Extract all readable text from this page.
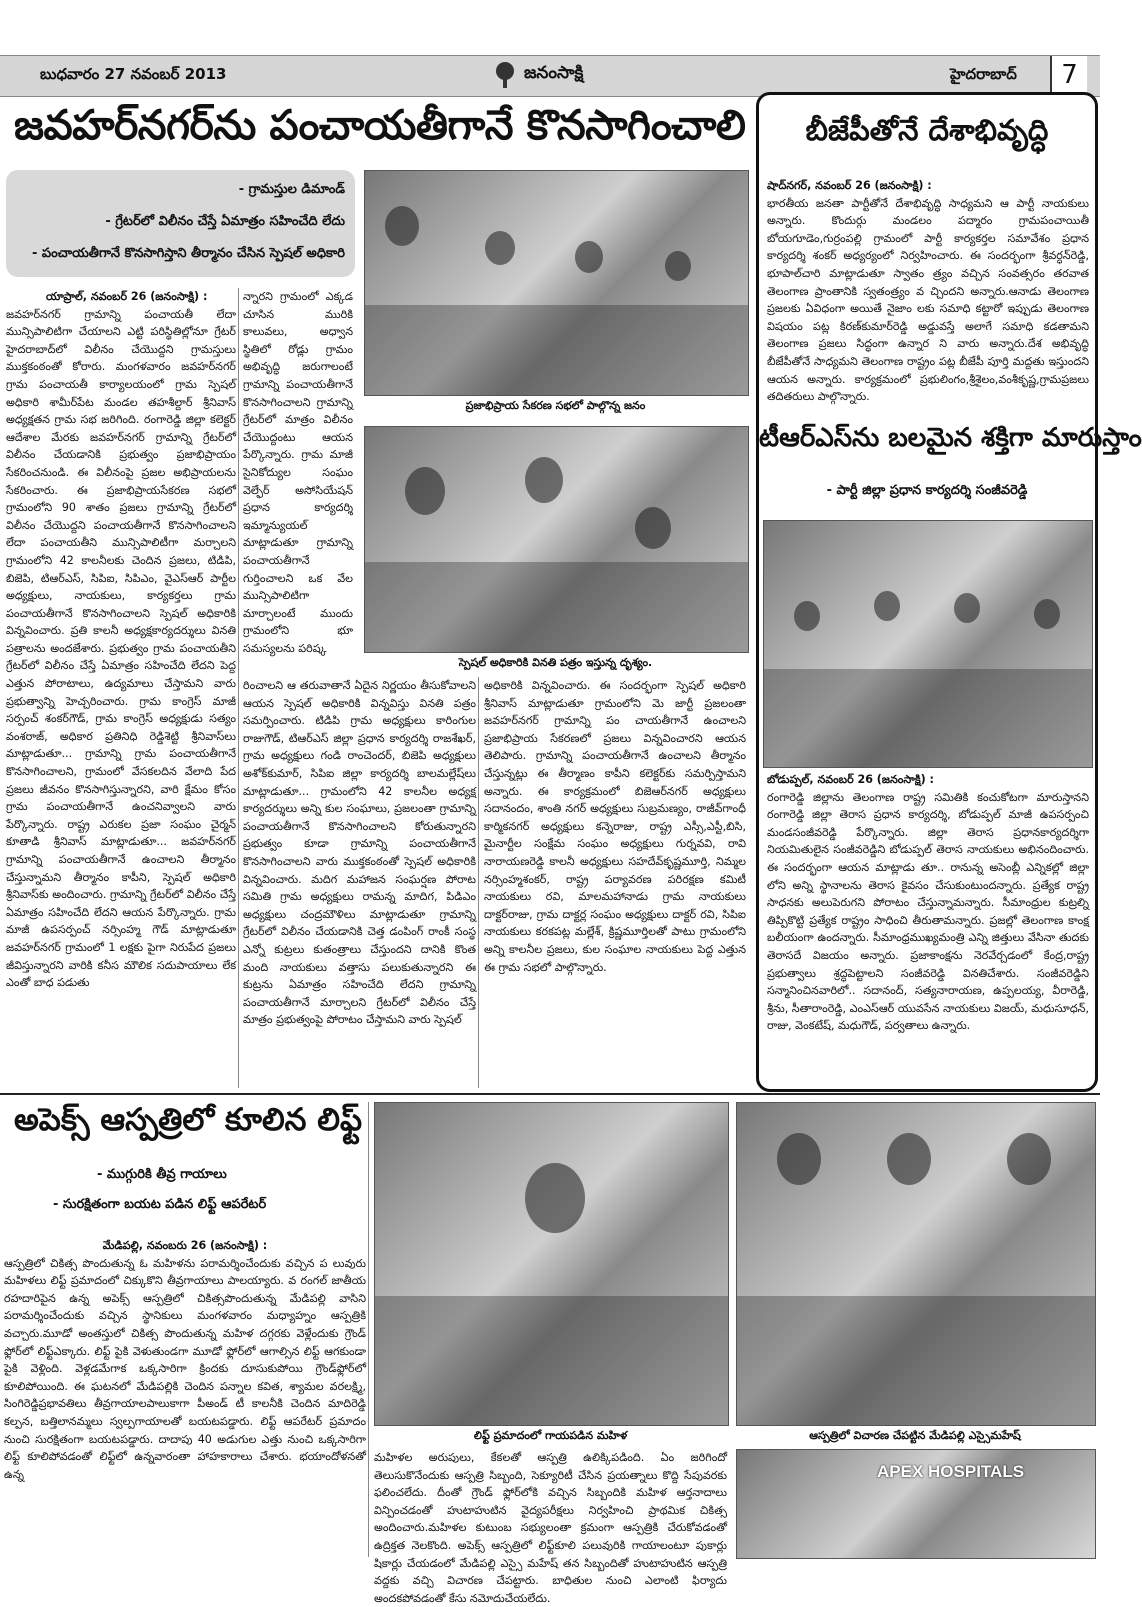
బుధవారం 27 నవంబర్ 2013	జనంసాక్షి	హైదరాబాద్	7
జవహర్‌నగర్‌ను పంచాయతీగానే కొనసాగించాలి
- గ్రామస్తుల డిమాండ్
- గ్రేటర్‌లో విలీనం చేస్తే ఏమాత్రం సహించేది లేదు
- పంచాయతీగానే కొనసాగిస్తాని తీర్మానం చేసిన స్పెషల్ అధికారి
ప్రజాభిప్రాయ సేకరణ సభలో పాల్గొన్న జనం
స్పెషల్ అధికారికి వినతి పత్రం ఇస్తున్న దృశ్యం.

యాప్రాల్, నవంబర్ 26 (జనంసాక్షి) :

జవహర్‌నగర్ గ్రామాన్ని పంచాయతీ లేదా మున్సిపాలిటిగా చేయాలని ఎట్టి పరిస్థితిల్లోనూ గ్రేటర్ హైదరాబాద్‌లో విలీనం చేయొద్దని గ్రామస్తులు ముక్తకంఠంతో కోరారు. మంగళవారం జవహర్‌నగర్ గ్రామ పంచాయతీ కార్యాలయంలో గ్రామ స్పెషల్ అధికారి శామీర్‌పేట మండల తహశీల్దార్ శ్రీనివాస్ అధ్యక్షతన గ్రామ సభ జరిగింది. రంగారెడ్డి జిల్లా కలెక్టర్ ఆదేశాల మేరకు జవహర్‌నగర్ గ్రామాన్ని గ్రేటర్‌లో విలీనం చేయడానికి ప్రభుత్వం ప్రజాభిప్రాయం సేకరించనుండి. ఈ విలీనంపై ప్రజల అభిప్రాయలను సేకరించారు. ఈ ప్రజాభిప్రాయసేకరణ సభలో గ్రామంలోని 90 శాతం ప్రజలు గ్రామాన్ని గ్రేటర్‌లో విలీనం చేయొద్దని పంచాయతీగానే కొనసాగించాలని లేదా పంచాయతీని మున్సిపాలిటీగా మర్చాలని గ్రామంలోని 42 కాలనీలకు చెందిన ప్రజలు, టిడిపి, బిజెపి, టిఆర్ఎస్, సిపిఐ, సిపిఎం, వైఎస్ఆర్ పార్టీల అధ్యక్షులు, నాయకులు, కార్యకర్తలు గ్రామ పంచాయతీగానే కొనసాగించాలని స్పెషల్ అధికారికి విన్నవించారు. ప్రతి కాలనీ అధ్యక్షకార్యదర్శులు వినతి పత్రాలను అందజేశారు. ప్రభుత్వం గ్రామ పంచాయతీని గ్రేటర్‌లో విలీనం చేస్తే ఏమాత్రం సహించేది లేదని పెద్ద ఎత్తున పోరాటాలు, ఉద్యమాలు చేస్తామని వారు ప్రభుత్వాన్ని హెచ్చరించారు. గ్రామ కాంగ్రెస్ మాజీ సర్పంచ్ శంకర్‌గౌడ్, గ్రామ కాంగ్రెస్ అధ్యక్షుడు సత్యం వంశరాజ్, అధికార ప్రతినిధి రెడ్డిశెట్టి శ్రీనివాస్‌లు మాట్లాడుతూ... గ్రామాన్ని గ్రామ పంచాయతీగానే కొనసాగించాలని, గ్రామంలో వేసకలదిన వేలాది పేద ప్రజలు జీవనం కొనసాగిస్తున్నారని, వారి క్షేమం కోసం గ్రామ పంచాయతీగానే ఉంచనివ్వాలని వారు పేర్కొన్నారు. రాష్ట్ర ఎరుకల ప్రజా సంఘం చైర్మన్ కూతాడి శ్రీనివాస్ మాట్లాడుతూ... జవహర్‌నగర్ గ్రామాన్ని పంచాయతీగానే ఉంచాలని తీర్మానం చేస్తున్నామని తీర్మానం కాపీని, స్పెషల్ అధికారి శ్రీనివాస్‌కు అందించారు. గ్రామాన్ని గ్రేటర్‌లో విలీనం చేస్తే ఏమాత్రం సహించేది లేదని ఆయన పేర్కొన్నారు. గ్రామ మాజీ ఉపసర్పంచ్ నర్సింహ్మ గౌడ్ మాట్లాడుతూ జవహర్‌నగర్ గ్రామంలో 1 లక్షకు పైగా నిరుపేద ప్రజలు జీవిస్తున్నారని వారికి కనీస మౌలిక సదుపాయాలు లేక ఎంతో బాధ పడుతు

న్నారని గ్రామంలో ఎక్కడ చూసిన మురికి కాలువలు, అధ్వాన స్థితిలో రోడ్లు గ్రామం అభివృద్ధి జరుగాలంటే గ్రామాన్ని పంచాయతీగానే కొనసాగించాలని గ్రామాన్ని గ్రేటర్‌లో మాత్రం విలీనం చేయొద్దంటు ఆయన పేర్కొన్నారు. గ్రామ మాజీ సైనికోద్యుల సంఘం వెల్ఫేర్ అసోసియేషన్ ప్రధాన కార్యదర్శి ఇమ్మాన్యుయల్ మాట్లాడుతూ గ్రామాన్ని పంచాయతీగానే గుర్తించాలని ఒక వేల మున్సిపాలిటిగా మార్చాలంటే ముందు గ్రామంలోని భూ సమస్యలను పరిష్క

రించాలని ఆ తరువాతానే ఏదైన నిర్ణయం తీసుకోవాలని ఆయన స్పెషల్ అధికారికి విన్నవిస్తు వినతి పత్రం సమర్పించారు. టిడిపి గ్రామ అధ్యక్షులు కారింగుల రాజుగౌడ్, టిఆర్ఎస్ జిల్లా ప్రధాన కార్యదర్శి రాజశేఖర్, గ్రామ అధ్యక్షులు గండి రాంచెందర్, బిజెపి అధ్యక్షులు అశోక్‌కుమార్, సిపిఐ జిల్లా కార్యదర్శి బాలమల్లేష్‌లు మాట్లాడుతూ... గ్రామంలోని 42 కాలనీల అధ్యక్ష కార్యదర్శులు అన్ని కుల సంఘాలు, ప్రజలంతా గ్రామాన్ని పంచాయతీగానే కొనసాగించాలని కోరుతున్నారని ప్రభుత్వం కూడా గ్రామాన్ని పంచాయతీగానే కొనసాగించాలని వారు ముక్తకంఠంతో స్పెషల్ అధికారికి విన్నవించారు. మదిగ మహాజన సంఘర్షణ పోరాట సమితి గ్రామ అధ్యక్షులు రామన్న మాదిగ, పిడిఎం అధ్యక్షులు చంద్రమౌళిలు మాట్లాడుతూ గ్రామాన్ని గ్రేటర్‌లో విలీనం చేయడానికి చెత్త డంపింగ్ రాంకీ సంస్థ ఎన్నో కుట్రలు కుతంత్రాలు చేస్తుందని దానికి కొంత మంది నాయకులు వత్తాసు పలుకుతున్నారని ఈ కుట్రను ఏమాత్రం సహించేది లేదని గ్రామాన్ని పంచాయతీగానే మార్చాలని గ్రేటర్‌లో విలీనం చేస్తే మాత్రం ప్రభుత్వంపై పోరాటం చేస్తామని వారు స్పెషల్

అధికారికి విన్నవించారు. ఈ సందర్భంగా స్పెషల్ అధికారి శ్రీనివాస్ మాట్లాడుతూ గ్రామంలోని మె జార్టీ ప్రజలంతా జవహర్‌నగర్ గ్రామాన్ని పం చాయతీగానే ఉంచాలని ప్రజాభిప్రాయ సేకరణలో ప్రజలు విన్నవించారని ఆయన తెలిపారు. గ్రామాన్ని పంచాయతీగానే ఉంచాలని తీర్మానం చేస్తున్నట్లు ఈ తీర్మాణం కాపీని కలెక్టర్‌కు సమర్పిస్తామని అన్నారు. ఈ కార్యక్రమంలో బిజెఆర్‌నగర్ అధ్యక్షులు సదానందం, శాంతి నగర్ అధ్యక్షులు సుబ్రమణ్యం, రాజీవ్‌గాంధీ కార్మికనగర్ అధ్యక్షులు కన్నెరాజు, రాష్ట్ర ఎస్సీ,ఎస్టీ,బిసి, మైనార్టీల సంక్షేమ సంఘం అధ్యక్షులు గుర్నవవి, రావి నారాయణరెడ్డి కాలనీ అధ్యక్షులు సహదేవ్‌కృష్ణమూర్తి, నిమ్మల నర్సింహ్మశంకర్, రాష్ట్ర పర్యావరణ పరిరక్షణ కమిటీ నాయకులు రవి, మాలమహానాడు గ్రామ నాయకులు దాక్టర్‌రాజు, గ్రామ దాక్టర్ల సంఘం అధ్యక్షులు దాక్టర్ రవి, సిపిఐ నాయకులు కరకపట్ల మల్లేశ్, క్రిష్ణమూర్తిలతో పాటు గ్రామంలోని అన్ని కాలనీల ప్రజలు, కుల సంఘాల నాయకులు పెద్ద ఎత్తున ఈ గ్రామ సభలో పాల్గొన్నారు.

బీజేపీతోనే దేశాభివృద్ధి

షాద్‌నగర్, నవంబర్ 26 (జనంసాక్షి) :

భారతీయ జనతా పార్టీతోనే దేశాభివృద్ధి సాధ్యమని ఆ పార్టీ నాయకులు అన్నారు. కొందుర్గు మండలం పద్మారం గ్రామపంచాయితీ బోయగూడెం,గుర్రంపల్లి గ్రామంలో పార్టీ కార్యకర్తల సమావేశం ప్రధాన కార్యదర్శి శంకర్ అధ్యర్యంలో నిర్వహించారు. ఈ సందర్భంగా శ్రీవర్ధన్‌రెడ్డి, భూపాల్‌చారి మాట్లాడుతూ స్వాతం త్ర్యం వచ్చిన సంవత్సరం తరవాత తెలంగాణ ప్రాంతానికి స్వతంత్ర్యం వ చ్చిందని అన్నారు.ఆనాడు తెలంగాణ ప్రజలకు ఏవిధంగా అయితే నైజాం లకు సమాధి కట్టారో ఇప్పుడు తెలంగాణ విషయం పట్ల కిరణ్‌కుమార్‌రెడ్డి అడ్డువస్తే అలాగే సమాధి కడతామని తెలంగాణ ప్రజలు సిద్ధంగా ఉన్నార ని వారు అన్నారు.దేశ అభివృద్ధి బీజేపీతోనే సాధ్యమని తెలంగాణ రాష్ట్రం పట్ల బీజేపీ పూర్తి మద్దతు ఇస్తుందని ఆయన అన్నారు. కార్యక్రమంలో ప్రభులింగం,శ్రీశైలం,వంశీకృష్ణ,గ్రామప్రజలు తదితరులు పాల్గొన్నారు.

టీఆర్ఎస్‌ను బలమైన శక్తిగా మారుస్తాం
- పార్టీ జిల్లా ప్రధాన కార్యదర్శి సంజీవరెడ్డి

బోడుప్పల్, నవంబర్ 26 (జనంసాక్షి) :

రంగారెడ్డి జిల్లాను తెలంగాణ రాష్ట్ర సమితికి కంచుకోటగా మారుస్తానని రంగారెడ్డి జిల్లా తెరాస ప్రధాన కార్యదర్శి, బోడుప్పల్ మాజీ ఉపసర్పంచి మండసంజీవరెడ్డి పేర్కొన్నారు. జిల్లా తెరాస ప్రధానకార్యదర్శిగా నియమితులైన సంజీవరెడ్డిని బోడుప్పల్ తెరాస నాయకులు అభినందించారు. ఈ సందర్భంగా ఆయన మాట్లాడు తూ.. రానున్న అసెంబ్లీ ఎన్నికల్లో జిల్లా లోని అన్ని స్థానాలను తెరాస కైవసం చేసుకుంటుందన్నారు. ప్రత్యేక రాష్ట్ర సాధనకు అలుపెరుగని పోరాటం చేస్తున్నామన్నారు. సీమాంధ్రుల కుట్రల్ని తిప్పికొట్టి ప్రత్యేక రాష్ట్రం సాధించి తీరుతామన్నారు. ప్రజల్లో తెలంగాణ కాంక్ష బలీయంగా ఉందన్నారు. సీమాంధ్రముఖ్యమంత్రి ఎన్ని జిత్తులు వేసినా తుదకు తెరాసదే విజయం అన్నారు. ప్రజాకాంక్షను నెరవేర్చడంలో కేంద్ర,రాష్ట్ర ప్రభుత్వాలు శ్రద్ధపెట్టాలని సంజీవరెడ్డి వినతిచేశారు. సంజీవరెడ్డిని సన్మానించినవారిలో.. సదానంద్, సత్యనారాయణ, ఉప్పలయ్య, వీరారెడ్డి, శ్రీను, సీతారాంరెడ్డి, ఎంఎస్ఆర్ యువసేన నాయకులు విజయ్, మధుసూధన్, రాజు, వెంకటేష్, మధుగౌడ్, పర్వతాలు ఉన్నారు.

అపెక్స్ ఆస్పత్రిలో కూలిన లిఫ్ట్
- ముగ్గురికి తీవ్ర గాయాలు
- సురక్షితంగా బయట పడిన లిఫ్ట్ ఆపరేటర్

మేడిపల్లి, నవంబరు 26 (జనంసాక్షి) :

ఆస్పత్రిలో చికిత్స పొందుతున్న ఓ మహిళను పరామర్శించేందుకు వచ్చిన ప లువురు మహిళలు లిఫ్ట్ ప్రమాదంలో చిక్కుకొని తీవ్రగాయాలు పాలయ్యారు. వ రంగల్ జాతీయ రహదారిపైన ఉన్న అపెక్స్ ఆస్పత్రిలో చికిత్సపొందుతున్న మేడిపల్లి వాసిని పరామర్శించేందుకు వచ్చిన స్థానికులు మంగళవారం మధ్యాహ్నం ఆస్పత్రికి వచ్చారు.మూడో అంతస్తులో చికిత్స పొందుతున్న మహిళ దగ్గరకు వెళ్లేందుకు గ్రౌండ్ ఫ్లోర్‌లో లిఫ్ట్‌ఎక్కారు. లిఫ్ట్ పైకి వెళుతుండగా మూడో ఫ్లోర్‌లో ఆగాల్సిన లిఫ్ట్ ఆగకుండా పైకి వెళ్లింది. వెళ్లడమేగాక ఒక్కసారిగా క్రిందకు దూసుకుపోయి గ్రౌండ్‌ఫ్లోర్‌లో కూలిపోయింది. ఈ ఘటనలో మేడిపల్లికి చెందిన పన్నాల కవిత, శ్యామల వరలక్ష్మి, సింగిరెడ్డిప్రభావతిలు తీవ్రగాయాలపాలుకాగా పీఅండ్ టీ కాలనీకి చెందిన మాదిరెడ్డి కల్పన, బత్తిలానమ్మలు స్వల్పగాయాలతో బయటపడ్డారు. లిఫ్ట్ ఆపరేటర్ ప్రమాదం నుంచి సురక్షితంగా బయటపడ్డారు. దాదాపు 40 అడుగుల ఎత్తు నుంచి ఒక్కసారిగా లిఫ్ట్ కూలిపోవడంతో లిఫ్ట్‌లో ఉన్నవారంతా హాహకారాలు చేశారు. భయాందోళనతో ఉన్న

లిఫ్ట్ ప్రమాదంలో గాయపడిన మహిళ	ఆస్పత్రిలో విచారణ చేపట్టిన మేడిపల్లి ఎస్సైమహేష్

మహిళల అరుపులు, కేకలతో ఆస్పత్రి ఉలిక్కిపడింది. ఏం జరిగిందో తెలుసుకొనేందుకు ఆస్పత్రి సిబ్బంది, సెక్యూరిటీ చేసిన ప్రయత్నాలు కొద్ది సేపువరకు ఫలించలేదు. దీంతో గ్రౌండ్ ఫ్లోర్‌లోకి వచ్చిన సిబ్బందికి మహిళ ఆర్తనాదాలు విన్పించడంతో హుటాహుటిన వైద్యపరీక్షలు నిర్వహించి ప్రాథమిక చికిత్స అందించారు.మహిళల కుటుంబ సభ్యులంతా క్రమంగా ఆస్పత్రికి చేరుకోవడంతో ఉద్రిక్తత నెలకొంది. అపెక్స్ ఆస్పత్రిలో లిఫ్ట్‌కూలి పలువురికి గాయాలంటూ పుకార్లు షికార్లు చేయడంలో మేడిపల్లి ఎస్సై మహేష్ తన సిబ్బందితో హుటాహుటిన ఆస్పత్రి వద్దకు వచ్చి విచారణ చేపట్టారు. బాధితుల నుంచి ఎలాంటి ఫిర్యాదు అందకపోవడంతో కేసు నమోదుచేయలేదు.

APEX HOSPITALS
